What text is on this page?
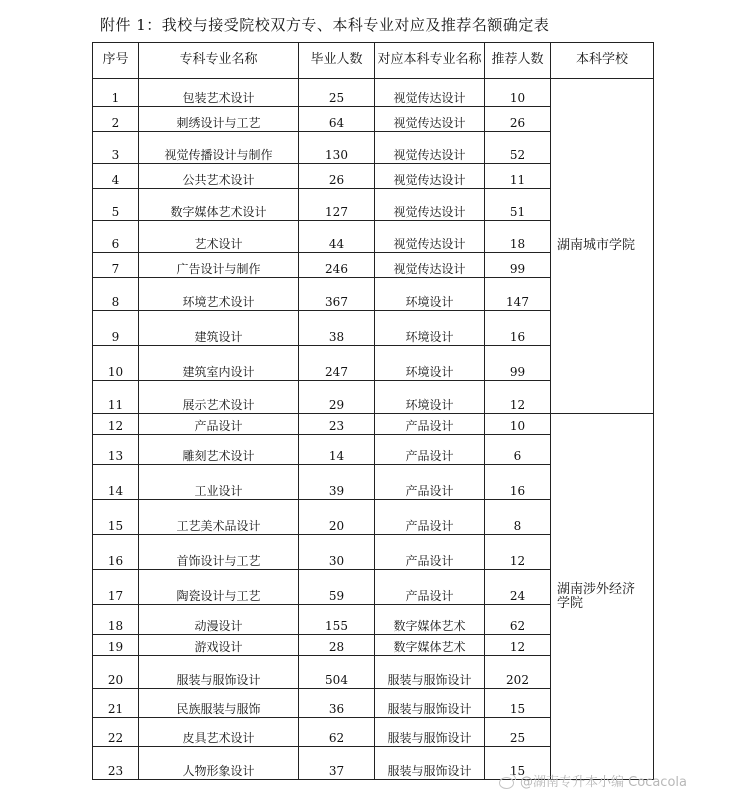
附件 1：我校与接受院校双方专、本科专业对应及推荐名额确定表
序号	专科专业名称	毕业人数	对应本科专业名称	推荐人数	本科学校
1	包装艺术设计	25	视觉传达设计	10	湖南城市学院
2	刺绣设计与工艺	64	视觉传达设计	26	
3	视觉传播设计与制作	130	视觉传达设计	52	
4	公共艺术设计	26	视觉传达设计	11	
5	数字媒体艺术设计	127	视觉传达设计	51	
6	艺术设计	44	视觉传达设计	18	
7	广告设计与制作	246	视觉传达设计	99	
8	环境艺术设计	367	环境设计	147	
9	建筑设计	38	环境设计	16	
10	建筑室内设计	247	环境设计	99	
11	展示艺术设计	29	环境设计	12	
12	产品设计	23	产品设计	10	湖南涉外经济学院
13	雕刻艺术设计	14	产品设计	6	
14	工业设计	39	产品设计	16	
15	工艺美术品设计	20	产品设计	8	
16	首饰设计与工艺	30	产品设计	12	
17	陶瓷设计与工艺	59	产品设计	24	
18	动漫设计	155	数字媒体艺术	62	
19	游戏设计	28	数字媒体艺术	12	
20	服装与服饰设计	504	服装与服饰设计	202	
21	民族服装与服饰	36	服装与服饰设计	15	
22	皮具艺术设计	62	服装与服饰设计	25	
23	人物形象设计	37	服装与服饰设计	15	
@湖南专升本小编 Cocacola
